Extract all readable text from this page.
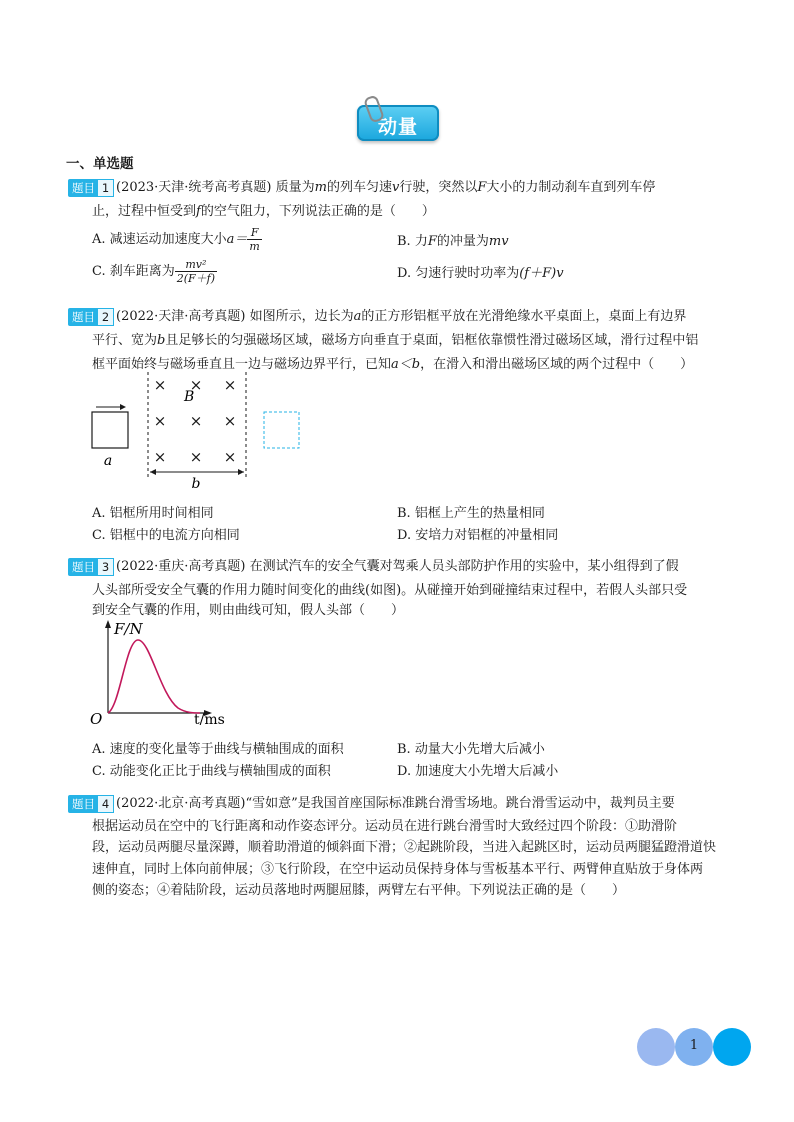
动量
一、单选题
题目 1 (2023·天津·统考高考真题) 质量为m的列车匀速v行驶，突然以F大小的力制动刹车直到列车停
止，过程中恒受到f的空气阻力，下列说法正确的是（　　）
A. 减速运动加速度大小$a= \frac{F}{m}$	B. 力F的冲量为mv
C. 刹车距离为 $\frac{\text{mv²}}{2(F+f)}$	D. 匀速行驶时功率为(f＋F)v
题目 2 (2022·天津·高考真题) 如图所示，边长为a的正方形铝框平放在光滑绝缘水平桌面上，桌面上有边界
平行、宽为b且足够长的匀强磁场区域，磁场方向垂直于桌面，铝框依靠惯性滑过磁场区域，滑行过程中铝
框平面始终与磁场垂直且一边与磁场边界平行，已知a＜b，在滑入和滑出磁场区域的两个过程中（　　）
a
× × ×
× × ×
× × ×
B
b
A. 铝框所用时间相同	B. 铝框上产生的热量相同
C. 铝框中的电流方向相同	D. 安培力对铝框的冲量相同
题目 3 (2022·重庆·高考真题) 在测试汽车的安全气囊对驾乘人员头部防护作用的实验中，某小组得到了假
人头部所受安全气囊的作用力随时间变化的曲线(如图)。从碰撞开始到碰撞结束过程中，若假人头部只受
到安全气囊的作用，则由曲线可知，假人头部（　　）
F/N
O	t/ms
A. 速度的变化量等于曲线与横轴围成的面积	B. 动量大小先增大后减小
C. 动能变化正比于曲线与横轴围成的面积	D. 加速度大小先增大后减小
题目 4 (2022·北京·高考真题)“雪如意”是我国首座国际标准跳台滑雪场地。跳台滑雪运动中，裁判员主要
根据运动员在空中的飞行距离和动作姿态评分。运动员在进行跳台滑雪时大致经过四个阶段：①助滑阶
段，运动员两腿尽量深蹲，顺着助滑道的倾斜面下滑；②起跳阶段，当进入起跳区时，运动员两腿猛蹬滑道快
速伸直，同时上体向前伸展；③飞行阶段，在空中运动员保持身体与雪板基本平行、两臂伸直贴放于身体两
侧的姿态；④着陆阶段，运动员落地时两腿屈膝，两臂左右平伸。下列说法正确的是（　　）
1
